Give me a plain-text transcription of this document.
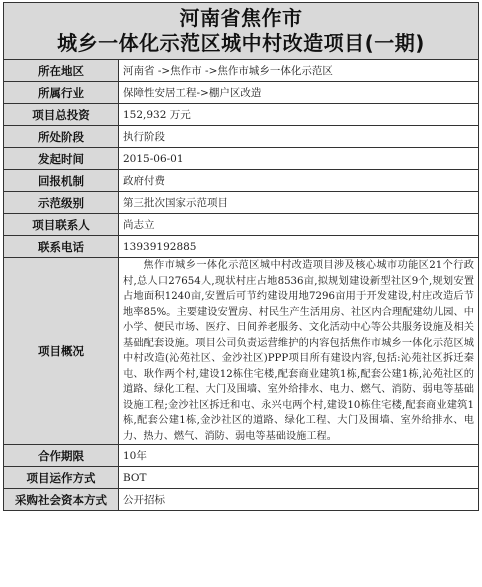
河南省焦作市
城乡一体化示范区城中村改造项目(一期)
所在地区	河南省 ->焦作市 ->焦作市城乡一体化示范区
所属行业	保障性安居工程->棚户区改造
项目总投资	152,932 万元
所处阶段	执行阶段
发起时间	2015-06-01
回报机制	政府付费
示范级别	第三批次国家示范项目
项目联系人	尚志立
联系电话	13939192885
项目概况	焦作市城乡一体化示范区城中村改造项目涉及核心城市功能区21个行政村,总人口27654人,现状村庄占地8536亩,拟规划建设新型社区9个,规划安置占地面积1240亩,安置后可节约建设用地7296亩用于开发建设,村庄改造后节地率85%。主要建设安置房、村民生产生活用房、社区内合理配建幼儿园、中小学、便民市场、医疗、日间养老服务、文化活动中心等公共服务设施及相关基础配套设施。项目公司负责运营维护的内容包括焦作市城乡一体化示范区城中村改造(沁苑社区、金沙社区)PPP项目所有建设内容,包括:沁苑社区拆迁秦屯、耿作两个村,建设12栋住宅楼,配套商业建筑1栋,配套公建1栋,沁苑社区的道路、绿化工程、大门及围墙、室外给排水、电力、燃气、消防、弱电等基础设施工程;金沙社区拆迁和屯、永兴屯两个村,建设10栋住宅楼,配套商业建筑1栋,配套公建1栋,金沙社区的道路、绿化工程、大门及围墙、室外给排水、电力、热力、燃气、消防、弱电等基础设施工程。

合作期限	10年
项目运作方式	BOT
采购社会资本方式	公开招标
